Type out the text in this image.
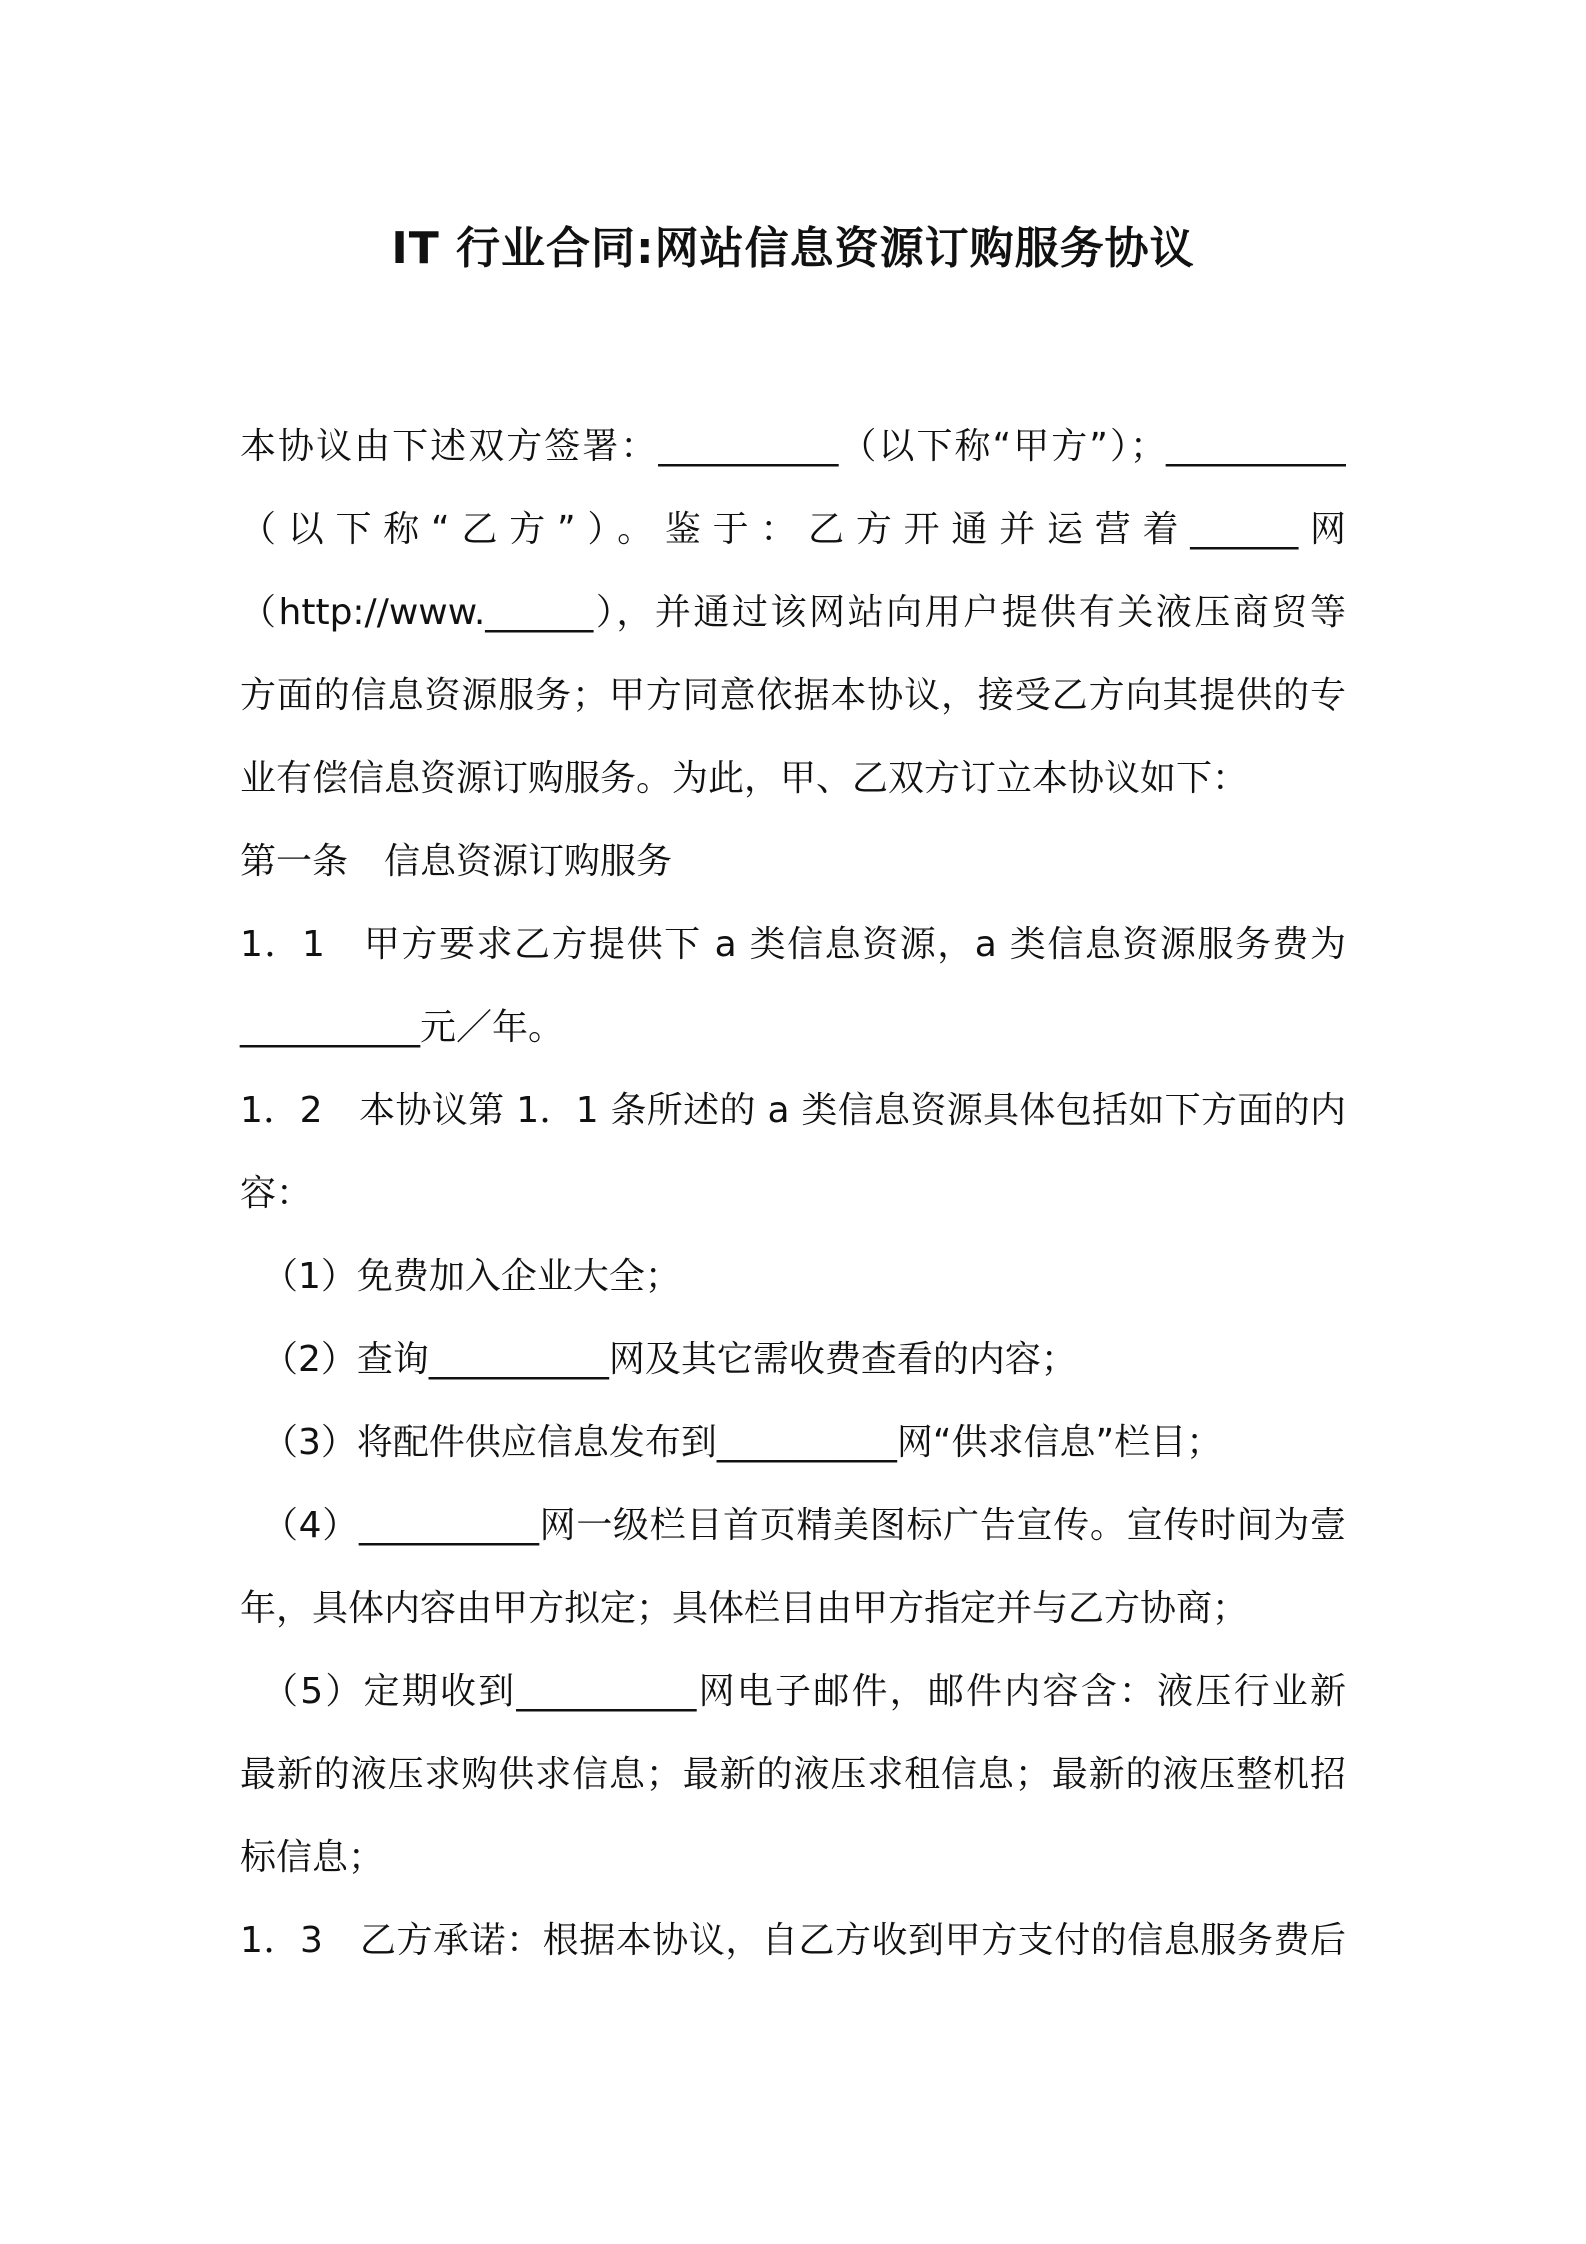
IT 行业合同:网站信息资源订购服务协议
本协议由下述双方签署：__________（以下称“甲方”）；__________
（以下称“乙方”）。鉴于：乙方开通并运营着______网
（http://www.______），并通过该网站向用户提供有关液压商贸等
方面的信息资源服务；甲方同意依据本协议，接受乙方向其提供的专
业有偿信息资源订购服务。为此，甲、乙双方订立本协议如下：
第一条　信息资源订购服务
1．1　甲方要求乙方提供下 a 类信息资源，a 类信息资源服务费为
__________元／年。
1．2　本协议第 1．1 条所述的 a 类信息资源具体包括如下方面的内
容：
（1）免费加入企业大全；
（2）查询__________网及其它需收费查看的内容；
（3）将配件供应信息发布到__________网“供求信息”栏目；
（4）__________网一级栏目首页精美图标广告宣传。宣传时间为壹
年，具体内容由甲方拟定；具体栏目由甲方指定并与乙方协商；
（5）定期收到__________网电子邮件，邮件内容含：液压行业新
最新的液压求购供求信息；最新的液压求租信息；最新的液压整机招
标信息；
1．3　乙方承诺：根据本协议，自乙方收到甲方支付的信息服务费后
